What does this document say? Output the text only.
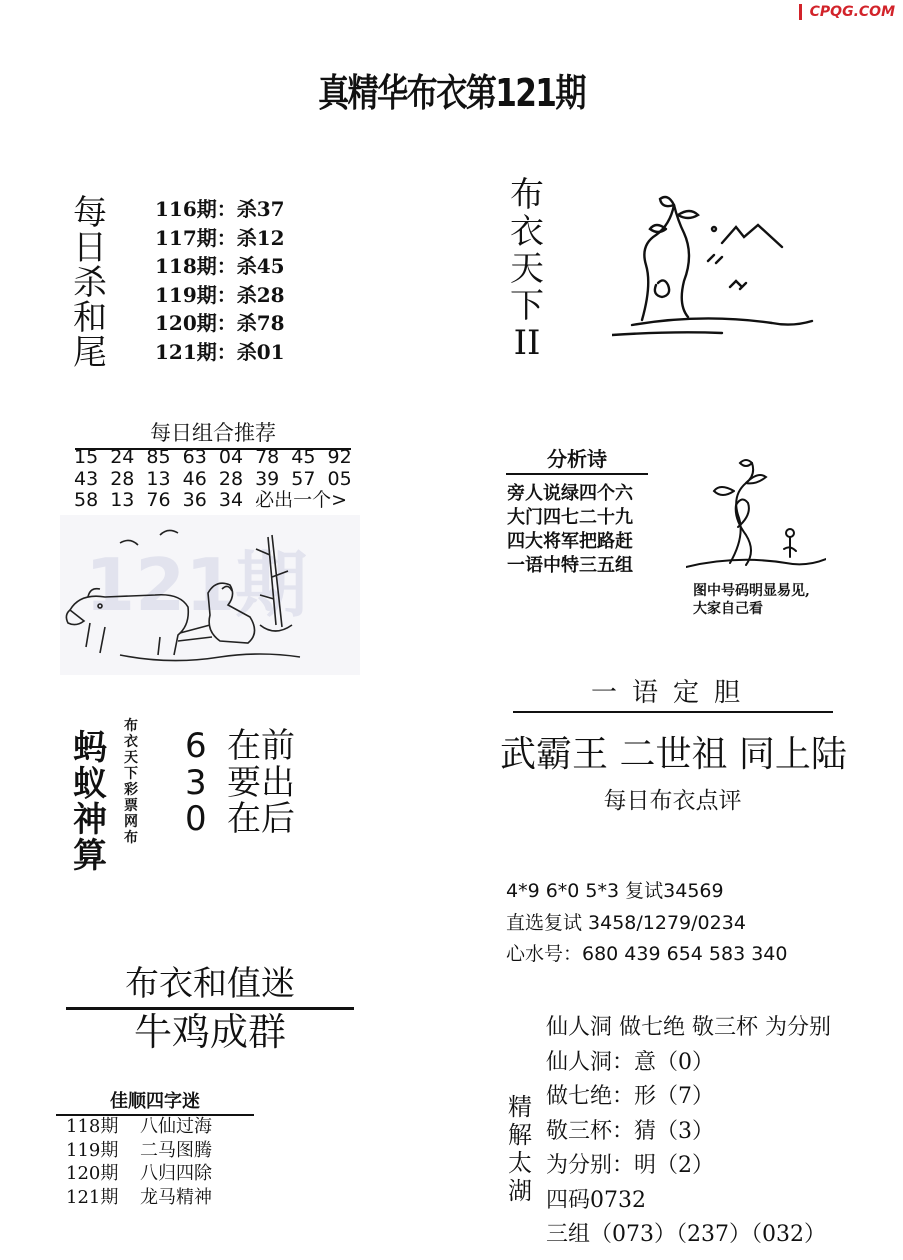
CPQG.COM
真精华布衣第121期
每
日
杀
和
尾
116期：杀37
117期：杀12
118期：杀45
119期：杀28
120期：杀78
121期：杀01
每日组合推荐
15 24 85 63 04 78 45 92
43 28 13 46 28 39 57 05
58 13 76 36 34 必出一个>
121期
蚂
蚁
神
算
布
衣
天
下
彩
票
网
布
6 在前
3 要出
0 在后
布衣和值迷
牛鸡成群
佳顺四字迷
118期 八仙过海
119期 二马图腾
120期 八归四除
121期 龙马精神
布
衣
天
下
II
分析诗
旁人说绿四个六
大门四七二十九
四大将军把路赶
一语中特三五组
图中号码明显易见,
大家自己看
一语定胆
武霸王 二世祖 同上陆
每日布衣点评
4*9 6*0 5*3 复试34569
直选复试 3458/1279/0234
心水号：680 439 654 583 340
精
解
太
湖
仙人洞 做七绝 敬三杯 为分别
仙人洞：意（0）
做七绝：形（7）
敬三杯：猜（3）
为分别：明（2）
四码0732
三组（073）（237）（032）
